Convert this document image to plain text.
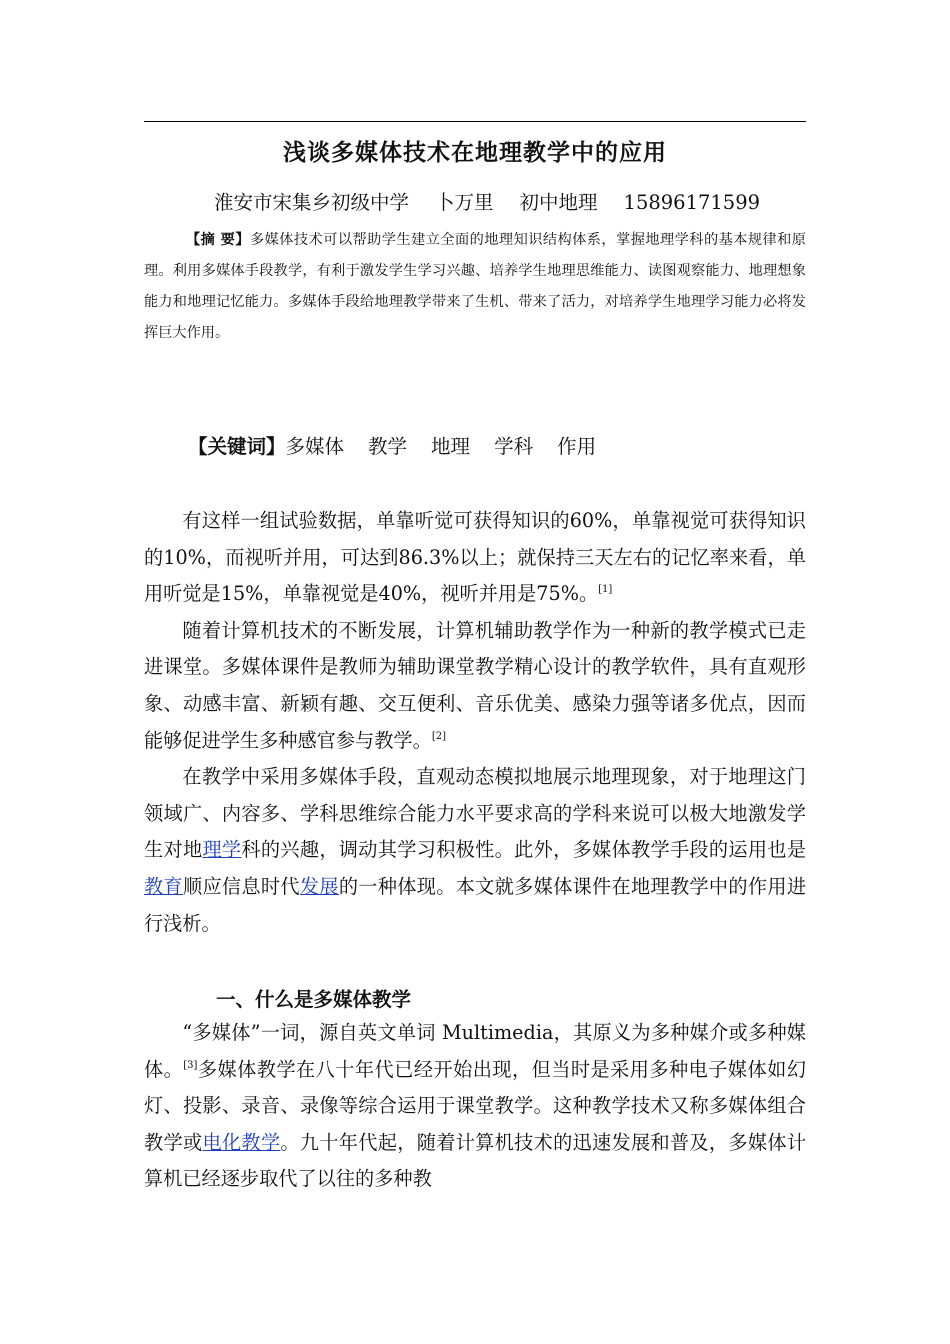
浅谈多媒体技术在地理教学中的应用
淮安市宋集乡初级中学 卜万里 初中地理 15896171599
【摘 要】多媒体技术可以帮助学生建立全面的地理知识结构体系，掌握地理学科的基本规律和原理。利用多媒体手段教学，有利于激发学生学习兴趣、培养学生地理思维能力、读图观察能力、地理想象能力和地理记忆能力。多媒体手段给地理教学带来了生机、带来了活力，对培养学生地理学习能力必将发挥巨大作用。
【关键词】多媒体 教学 地理 学科 作用

有这样一组试验数据，单靠听觉可获得知识的60%，单靠视觉可获得知识的10%，而视听并用，可达到86.3%以上；就保持三天左右的记忆率来看，单用听觉是15%，单靠视觉是40%，视听并用是75%。[1]

随着计算机技术的不断发展，计算机辅助教学作为一种新的教学模式已走进课堂。多媒体课件是教师为辅助课堂教学精心设计的教学软件，具有直观形象、动感丰富、新颖有趣、交互便利、音乐优美、感染力强等诸多优点，因而能够促进学生多种感官参与教学。[2]

在教学中采用多媒体手段，直观动态模拟地展示地理现象，对于地理这门领域广、内容多、学科思维综合能力水平要求高的学科来说可以极大地激发学生对地理学科的兴趣，调动其学习积极性。此外，多媒体教学手段的运用也是教育顺应信息时代发展的一种体现。本文就多媒体课件在地理教学中的作用进行浅析。

一、什么是多媒体教学

“多媒体”一词，源自英文单词 Multimedia，其原义为多种媒介或多种媒体。[3]多媒体教学在八十年代已经开始出现，但当时是采用多种电子媒体如幻灯、投影、录音、录像等综合运用于课堂教学。这种教学技术又称多媒体组合教学或电化教学。九十年代起，随着计算机技术的迅速发展和普及，多媒体计算机已经逐步取代了以往的多种教
